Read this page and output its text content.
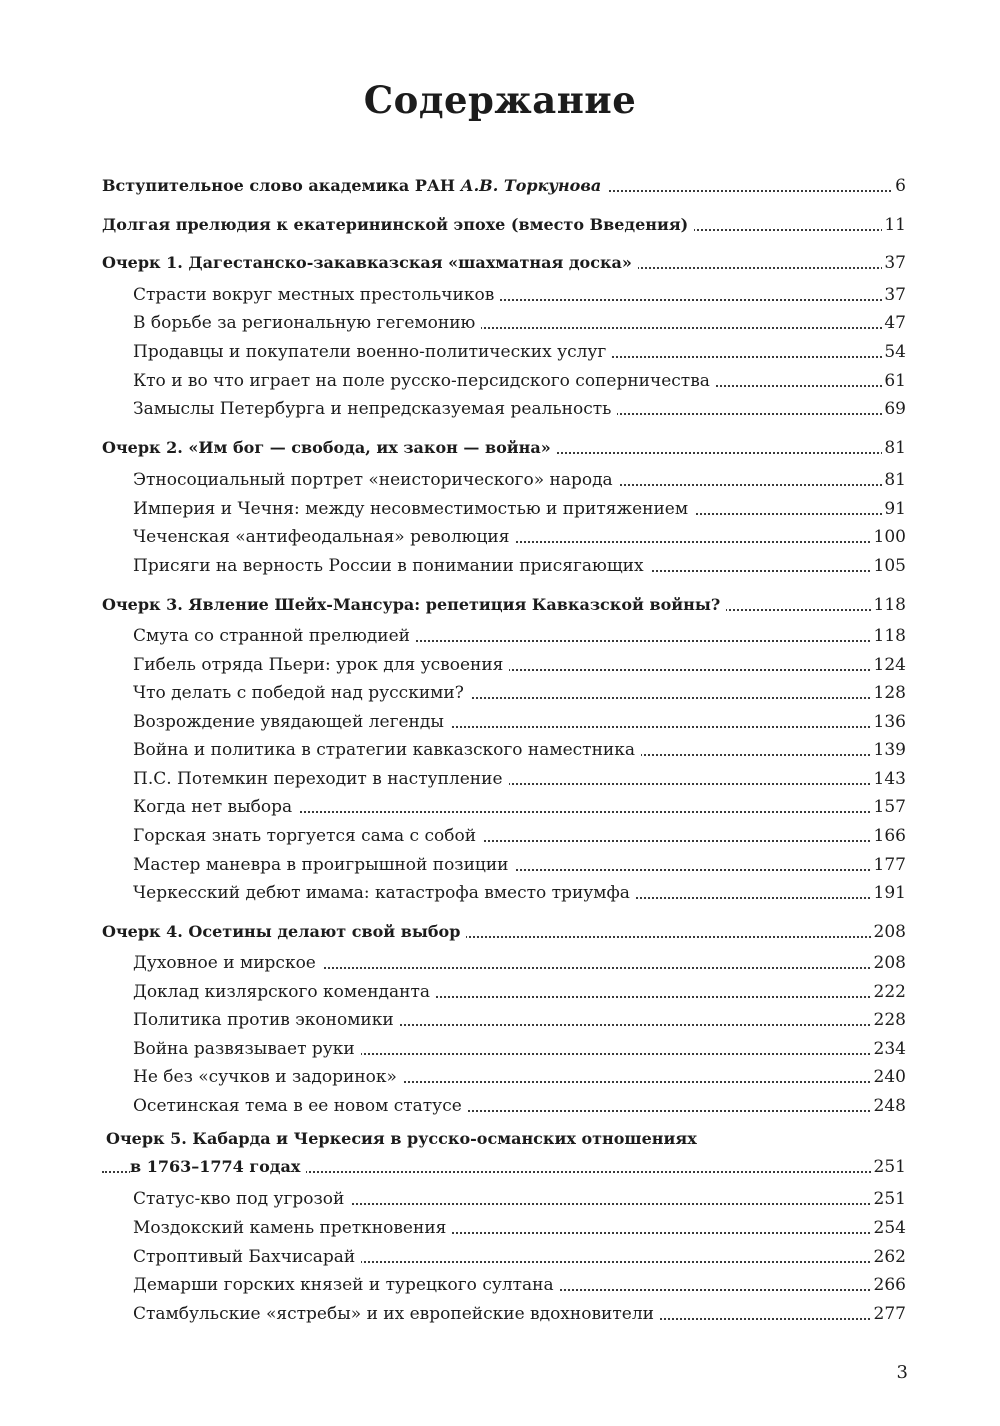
Содержание
Вступительное слово академика РАН А.В. Торкунова	6
Долгая прелюдия к екатерининской эпохе (вместо Введения)	11
Очерк 1. Дагестанско-закавказская «шахматная доска»	37
Страсти вокруг местных престольчиков	37
В борьбе за региональную гегемонию	47
Продавцы и покупатели военно-политических услуг	54
Кто и во что играет на поле русско-персидского соперничества	61
Замыслы Петербурга и непредсказуемая реальность	69
Очерк 2. «Им бог — свобода, их закон — война»	81
Этносоциальный портрет «неисторического» народа	81
Империя и Чечня: между несовместимостью и притяжением	91
Чеченская «антифеодальная» революция	100
Присяги на верность России в понимании присягающих	105
Очерк 3. Явление Шейх-Мансура: репетиция Кавказской войны?	118
Смута со странной прелюдией	118
Гибель отряда Пьери: урок для усвоения	124
Что делать с победой над русскими?	128
Возрождение увядающей легенды	136
Война и политика в стратегии кавказского наместника	139
П.С. Потемкин переходит в наступление	143
Когда нет выбора	157
Горская знать торгуется сама с собой	166
Мастер маневра в проигрышной позиции	177
Черкесский дебют имама: катастрофа вместо триумфа	191
Очерк 4. Осетины делают свой выбор	208
Духовное и мирское	208
Доклад кизлярского коменданта	222
Политика против экономики	228
Война развязывает руки	234
Не без «сучков и задоринок»	240
Осетинская тема в ее новом статусе	248
Очерк 5. Кабарда и Черкесия в русско-османских отношениях
в 1763–1774 годах	251
Статус-кво под угрозой	251
Моздокский камень преткновения	254
Строптивый Бахчисарай	262
Демарши горских князей и турецкого султана	266
Стамбульские «ястребы» и их европейские вдохновители	277
3
